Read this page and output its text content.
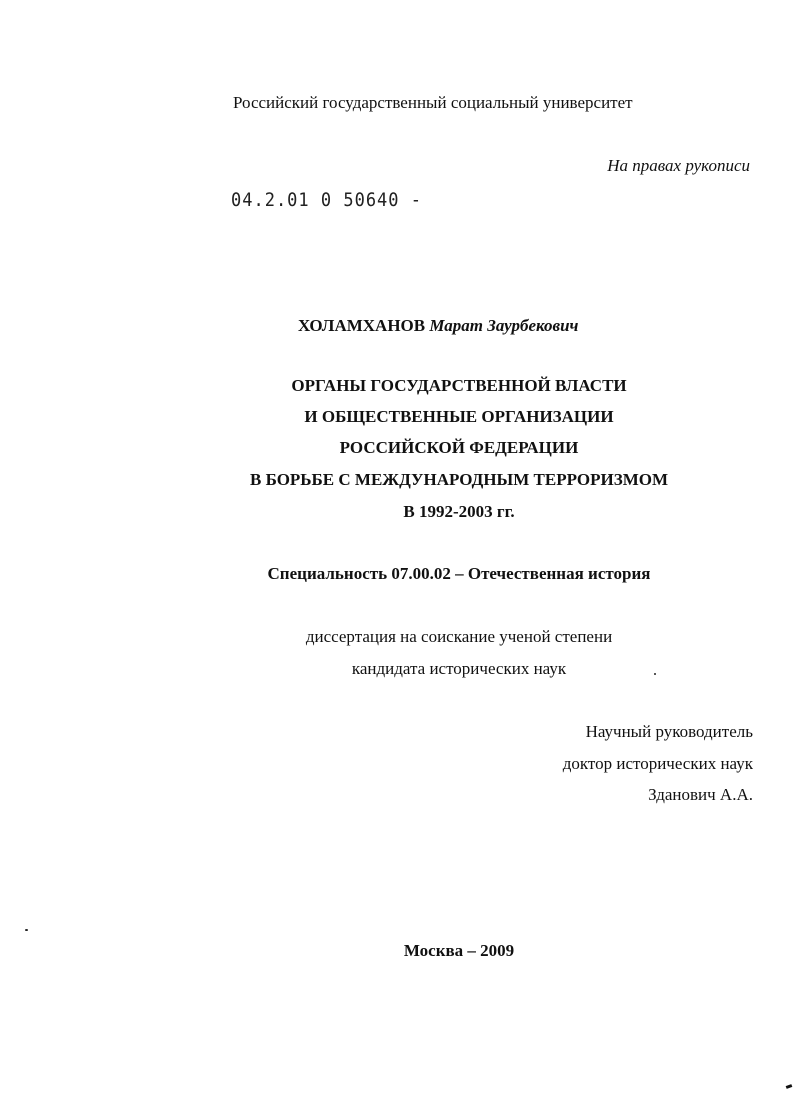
Российский государственный социальный университет
На правах рукописи
04.2.01 0 50640 -
ХОЛАМХАНОВ Марат Заурбекович
ОРГАНЫ ГОСУДАРСТВЕННОЙ ВЛАСТИ
И ОБЩЕСТВЕННЫЕ ОРГАНИЗАЦИИ
РОССИЙСКОЙ ФЕДЕРАЦИИ
В БОРЬБЕ С МЕЖДУНАРОДНЫМ ТЕРРОРИЗМОМ
В 1992-2003 гг.
Специальность 07.00.02 – Отечественная история
диссертация на соискание ученой степени
кандидата исторических наук
Научный руководитель
доктор исторических наук
Зданович А.А.
Москва – 2009
